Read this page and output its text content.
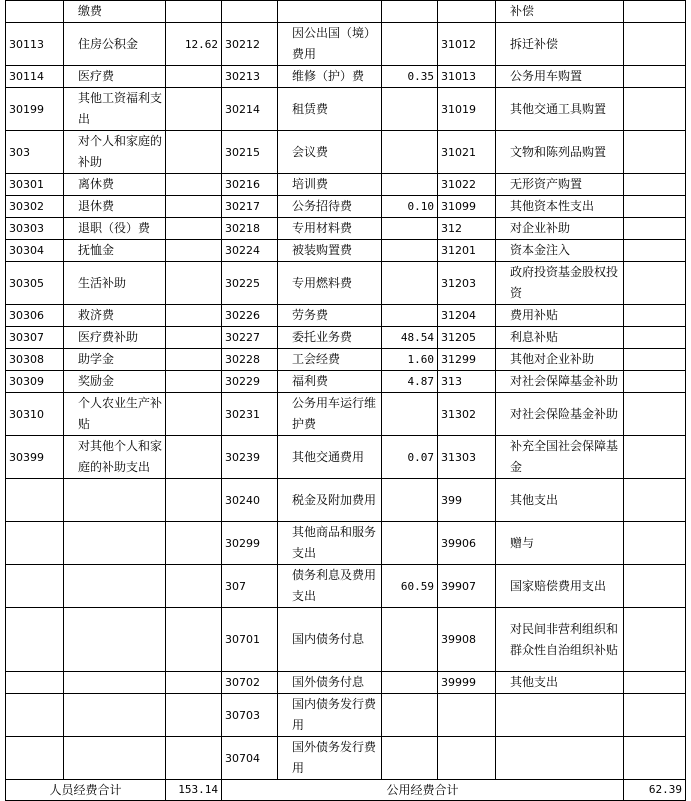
	缴费						补偿	
30113	住房公积金	12.62	30212	因公出国（境）费用		31012	拆迁补偿	
30114	医疗费		30213	维修（护）费	0.35	31013	公务用车购置	
30199	其他工资福利支出		30214	租赁费		31019	其他交通工具购置	
303	对个人和家庭的补助		30215	会议费		31021	文物和陈列品购置	
30301	离休费		30216	培训费		31022	无形资产购置	
30302	退休费		30217	公务招待费	0.10	31099	其他资本性支出	
30303	退职（役）费		30218	专用材料费		312	对企业补助	
30304	抚恤金		30224	被装购置费		31201	资本金注入	
30305	生活补助		30225	专用燃料费		31203	政府投资基金股权投资	
30306	救济费		30226	劳务费		31204	费用补贴	
30307	医疗费补助		30227	委托业务费	48.54	31205	利息补贴	
30308	助学金		30228	工会经费	1.60	31299	其他对企业补助	
30309	奖励金		30229	福利费	4.87	313	对社会保障基金补助	
30310	个人农业生产补贴		30231	公务用车运行维护费		31302	对社会保险基金补助	
30399	对其他个人和家庭的补助支出		30239	其他交通费用	0.07	31303	补充全国社会保障基金	
			30240	税金及附加费用		399	其他支出	
			30299	其他商品和服务支出		39906	赠与	
			307	债务利息及费用支出	60.59	39907	国家赔偿费用支出	
			30701	国内债务付息		39908	对民间非营利组织和群众性自治组织补贴	
			30702	国外债务付息		39999	其他支出	
			30703	国内债务发行费用				
			30704	国外债务发行费用				
人员经费合计		153.14	公用经费合计					62.39
